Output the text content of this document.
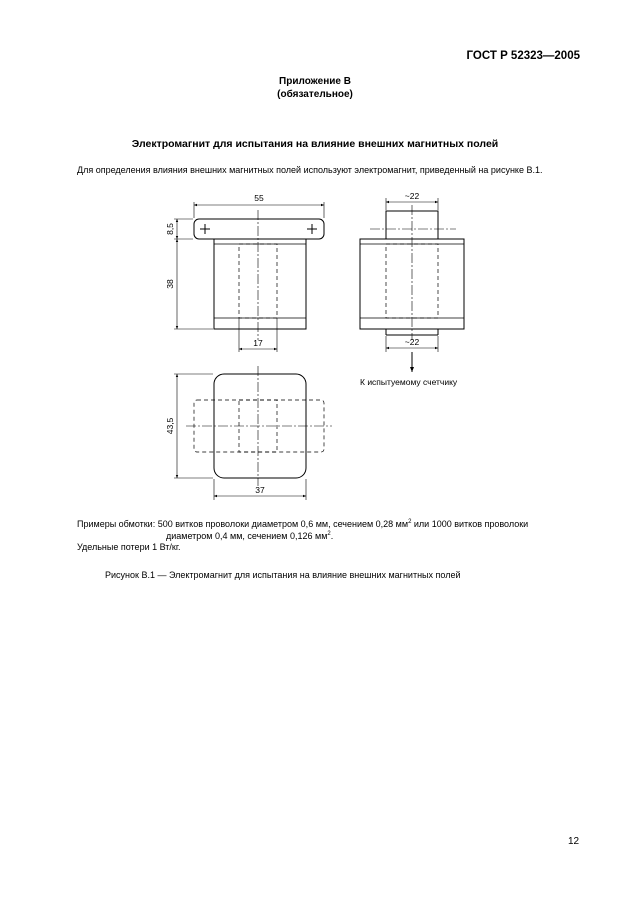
ГОСТ Р 52323—2005
Приложение В
(обязательное)
Электромагнит для испытания на влияние внешних магнитных полей
Для определения влияния внешних магнитных полей используют электромагнит, приведенный на рисунке В.1.
55
8,5
38
17
~22
~22
43,5
37
К испытуемому счетчику
Примеры обмотки: 500 витков проволоки диаметром 0,6 мм, сечением 0,28 $мм^2$ или 1000 витков проволоки
диаметром 0,4 мм, сечением 0,126 $мм^2$.
Удельные потери 1 Вт/кг.
Рисунок В.1 — Электромагнит для испытания на влияние внешних магнитных полей
12
